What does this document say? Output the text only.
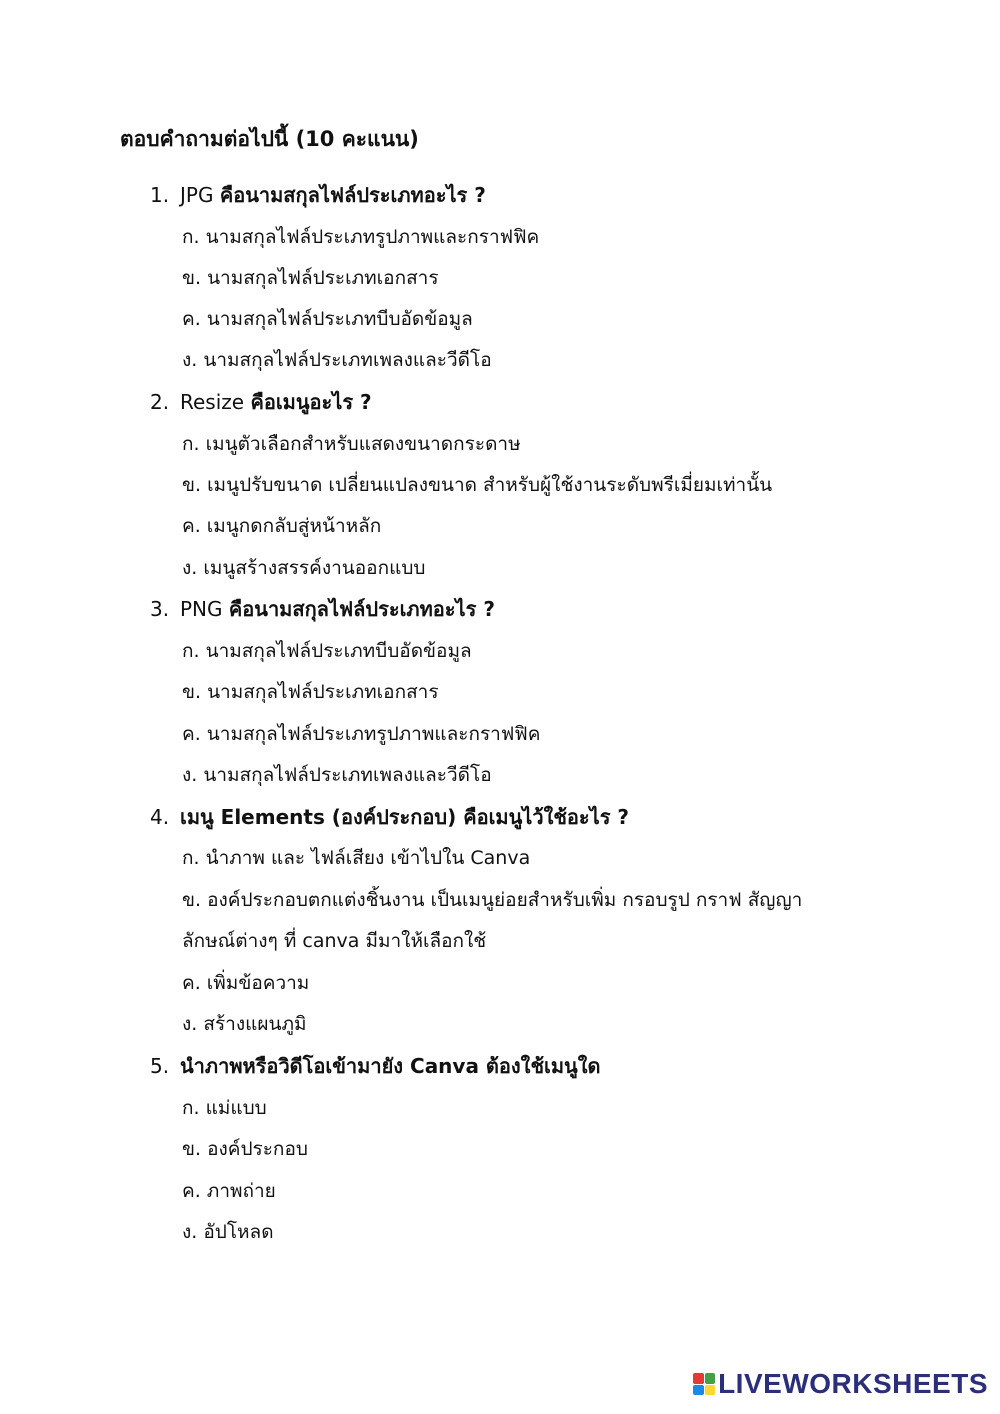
ตอบคำถามต่อไปนี้ (10 คะแนน)
1. JPG คือนามสกุลไฟล์ประเภทอะไร ?
ก. นามสกุลไฟล์ประเภทรูปภาพและกราฟฟิค
ข. นามสกุลไฟล์ประเภทเอกสาร
ค. นามสกุลไฟล์ประเภทบีบอัดข้อมูล
ง. นามสกุลไฟล์ประเภทเพลงและวีดีโอ
2. Resize คือเมนูอะไร ?
ก. เมนูตัวเลือกสำหรับแสดงขนาดกระดาษ
ข. เมนูปรับขนาด เปลี่ยนแปลงขนาด สำหรับผู้ใช้งานระดับพรีเมี่ยมเท่านั้น
ค. เมนูกดกลับสู่หน้าหลัก
ง. เมนูสร้างสรรค์งานออกแบบ
3. PNG คือนามสกุลไฟล์ประเภทอะไร ?
ก. นามสกุลไฟล์ประเภทบีบอัดข้อมูล
ข. นามสกุลไฟล์ประเภทเอกสาร
ค. นามสกุลไฟล์ประเภทรูปภาพและกราฟฟิค
ง. นามสกุลไฟล์ประเภทเพลงและวีดีโอ
4. เมนู Elements (องค์ประกอบ) คือเมนูไว้ใช้อะไร ?
ก. นำภาพ และ ไฟล์เสียง เข้าไปใน Canva
ข. องค์ประกอบตกแต่งชิ้นงาน เป็นเมนูย่อยสำหรับเพิ่ม กรอบรูป กราฟ สัญญา
ลักษณ์ต่างๆ ที่ canva มีมาให้เลือกใช้
ค. เพิ่มข้อความ
ง. สร้างแผนภูมิ
5. นำภาพหรือวิดีโอเข้ามายัง Canva ต้องใช้เมนูใด
ก. แม่แบบ
ข. องค์ประกอบ
ค. ภาพถ่าย
ง. อัปโหลด
LIVEWORKSHEETS
